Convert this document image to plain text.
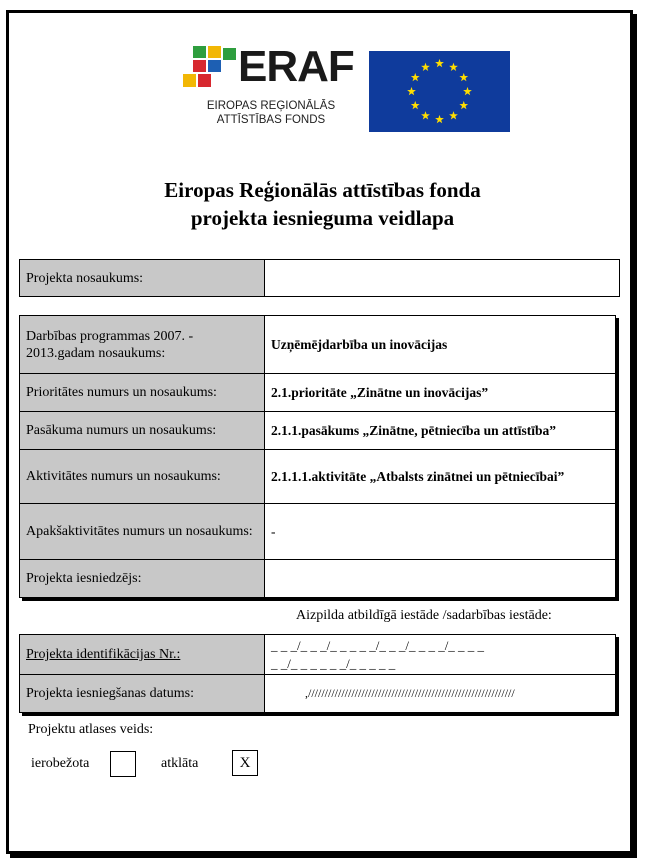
ERAF
EIROPAS REĢIONĀLĀS
ATTĪSTĪBAS FONDS
Eiropas Reģionālās attīstības fonda
projekta iesnieguma veidlapa
Projekta nosaukums:	
Darbības programmas 2007. - 2013.gadam nosaukums:	Uzņēmējdarbība un inovācijas
Prioritātes numurs un nosaukums:	2.1.prioritāte „Zinātne un inovācijas”
Pasākuma numurs un nosaukums:	2.1.1.pasākums „Zinātne, pētniecība un attīstība”
Aktivitātes numurs un nosaukums:	2.1.1.1.aktivitāte „Atbalsts zinātnei un pētniecībai”
Apakšaktivitātes numurs un nosaukums:	-
Projekta iesniedzējs:	
Aizpilda atbildīgā iestāde /sadarbības iestāde:
Projekta identifikācijas Nr.:	_ _ _/_ _ _/_ _ _ _ _/_ _ _/_ _ _ _/_ _ _ _
_ _/_ _ _ _ _ _/_ _ _ _ _

Projekta iesniegšanas datums:	,//////////////////////////////////////////////////////////////
Projektu atlases veids:
ierobežota	atklāta	X
